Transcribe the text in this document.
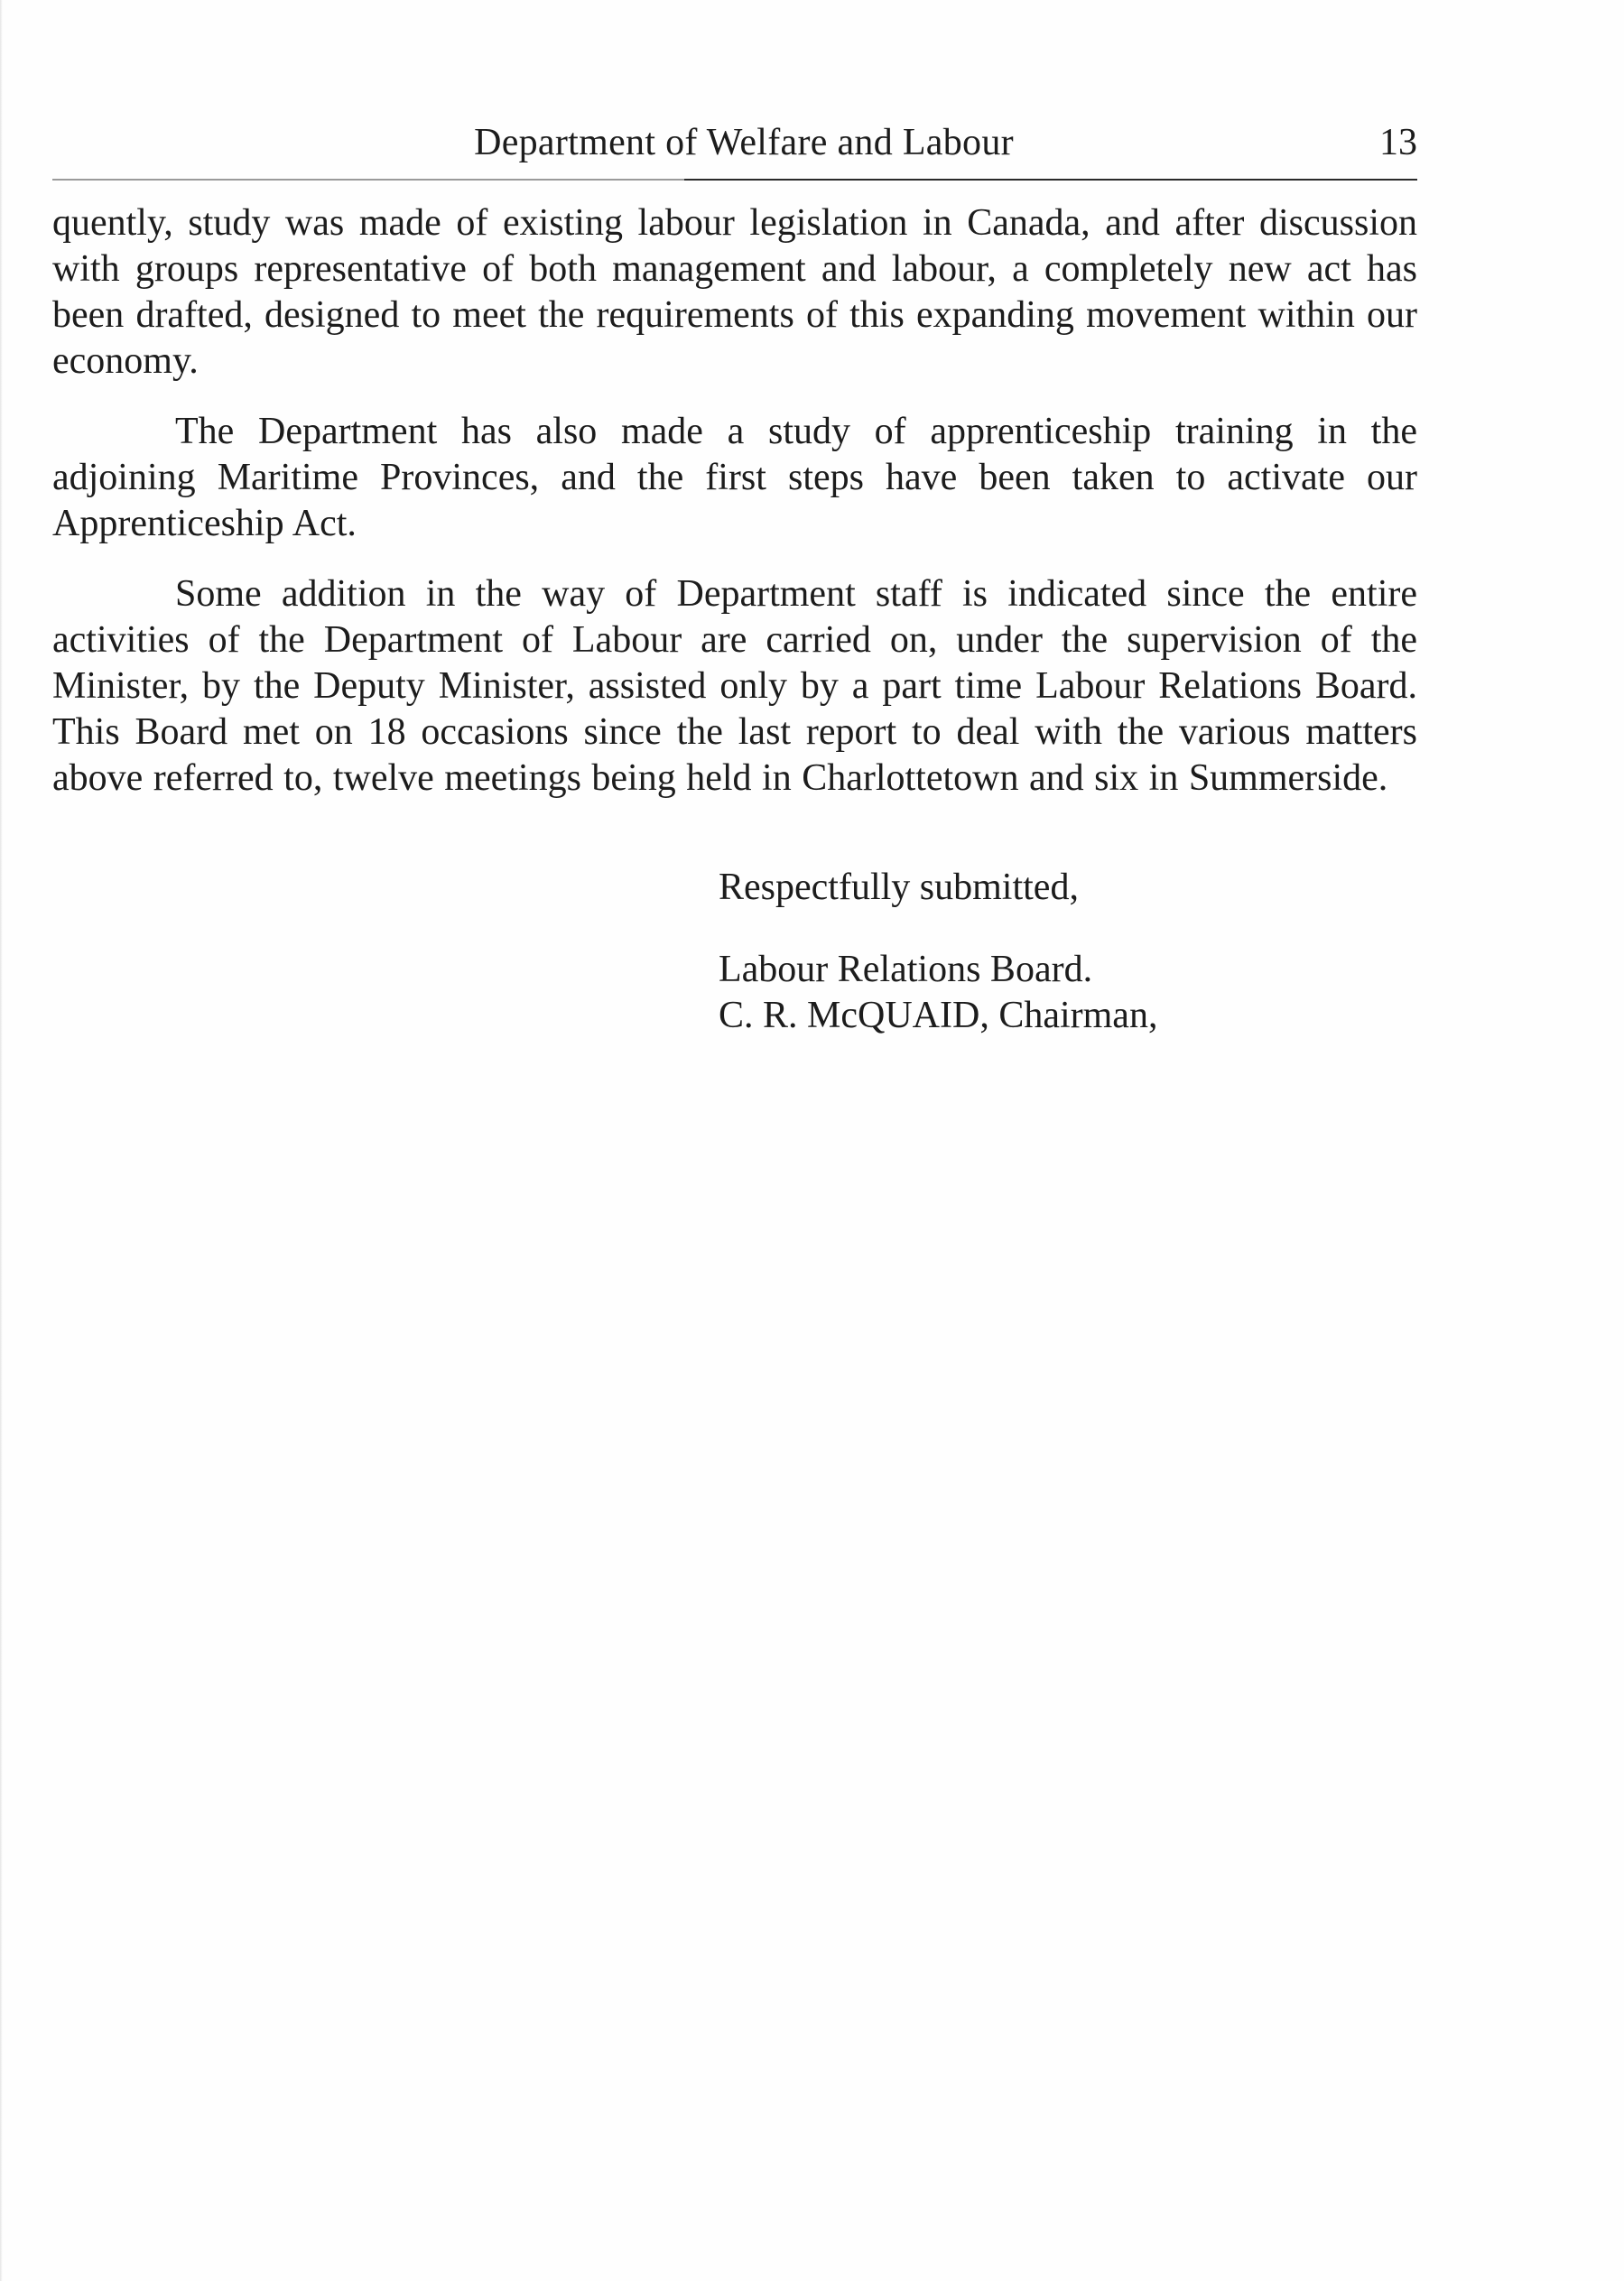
Department of Welfare and Labour	13

quently, study was made of existing labour legislation in Canada, and after discussion with groups representative of both management and labour, a completely new act has been drafted, designed to meet the requirements of this expanding movement within our economy.

The Department has also made a study of apprenticeship training in the adjoining Maritime Provinces, and the first steps have been taken to activate our Apprenticeship Act.

Some addition in the way of Department staff is indicated since the entire activities of the Department of Labour are carried on, under the supervision of the Minister, by the Deputy Minister, assisted only by a part time Labour Relations Board. This Board met on 18 occasions since the last report to deal with the various matters above referred to, twelve meetings being held in Charlottetown and six in Summerside.

Respectfully submitted,
Labour Relations Board.
C. R. McQUAID, Chairman,
